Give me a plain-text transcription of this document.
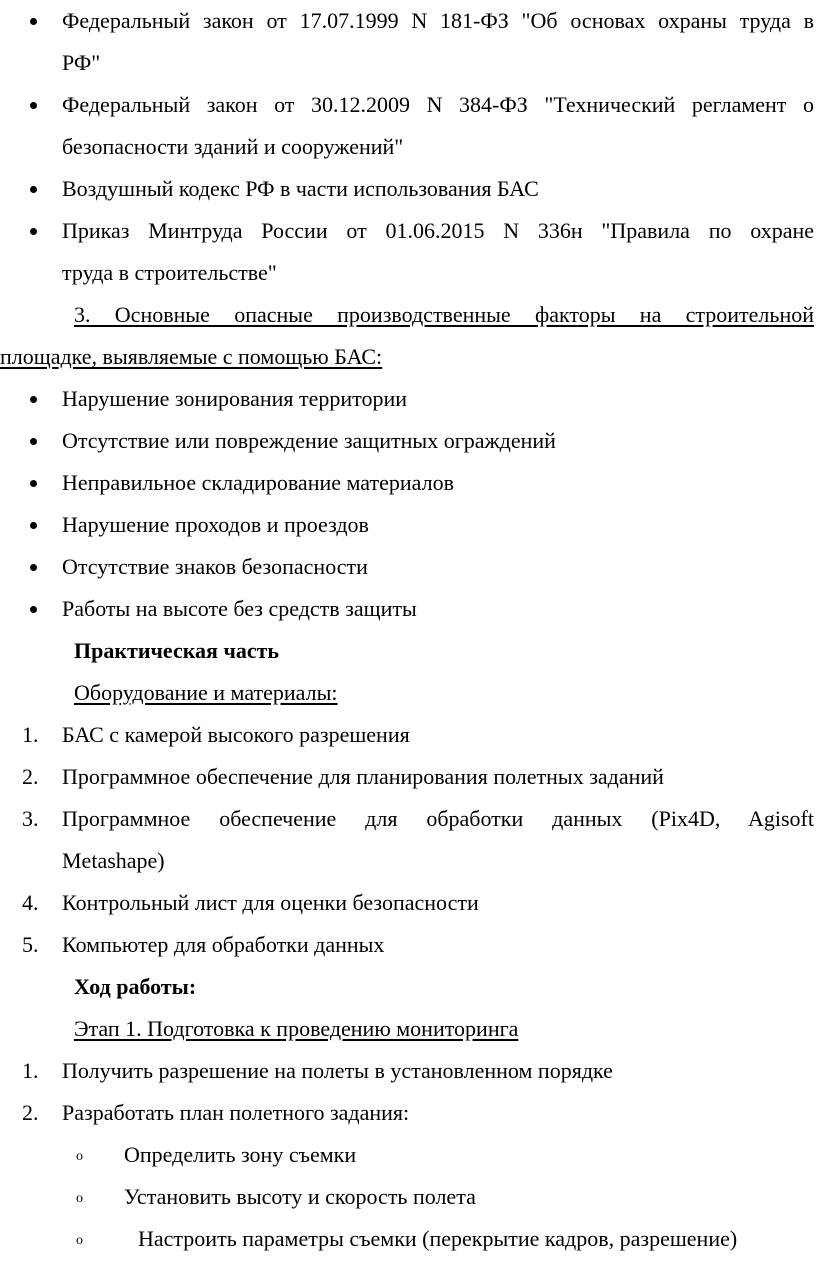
Федеральный закон от 17.07.1999 N 181-ФЗ "Об основах охраны труда в
РФ"
Федеральный закон от 30.12.2009 N 384-ФЗ "Технический регламент о
безопасности зданий и сооружений"
Воздушный кодекс РФ в части использования БАС
Приказ Минтруда России от 01.06.2015 N 336н "Правила по охране
труда в строительстве"
3. Основные опасные производственные факторы на строительной
площадке, выявляемые с помощью БАС:
Нарушение зонирования территории
Отсутствие или повреждение защитных ограждений
Неправильное складирование материалов
Нарушение проходов и проездов
Отсутствие знаков безопасности
Работы на высоте без средств защиты
Практическая часть
Оборудование и материалы:
1.	БАС с камерой высокого разрешения
2.	Программное обеспечение для планирования полетных заданий
3.	Программное обеспечение для обработки данных (Pix4D, Agisoft
Metashape)
4.	Контрольный лист для оценки безопасности
5.	Компьютер для обработки данных
Ход работы:
Этап 1. Подготовка к проведению мониторинга
1.	Получить разрешение на полеты в установленном порядке
2.	Разработать план полетного задания:
o Определить зону съемки
o Установить высоту и скорость полета
o	Настроить параметры съемки (перекрытие кадров, разрешение)
